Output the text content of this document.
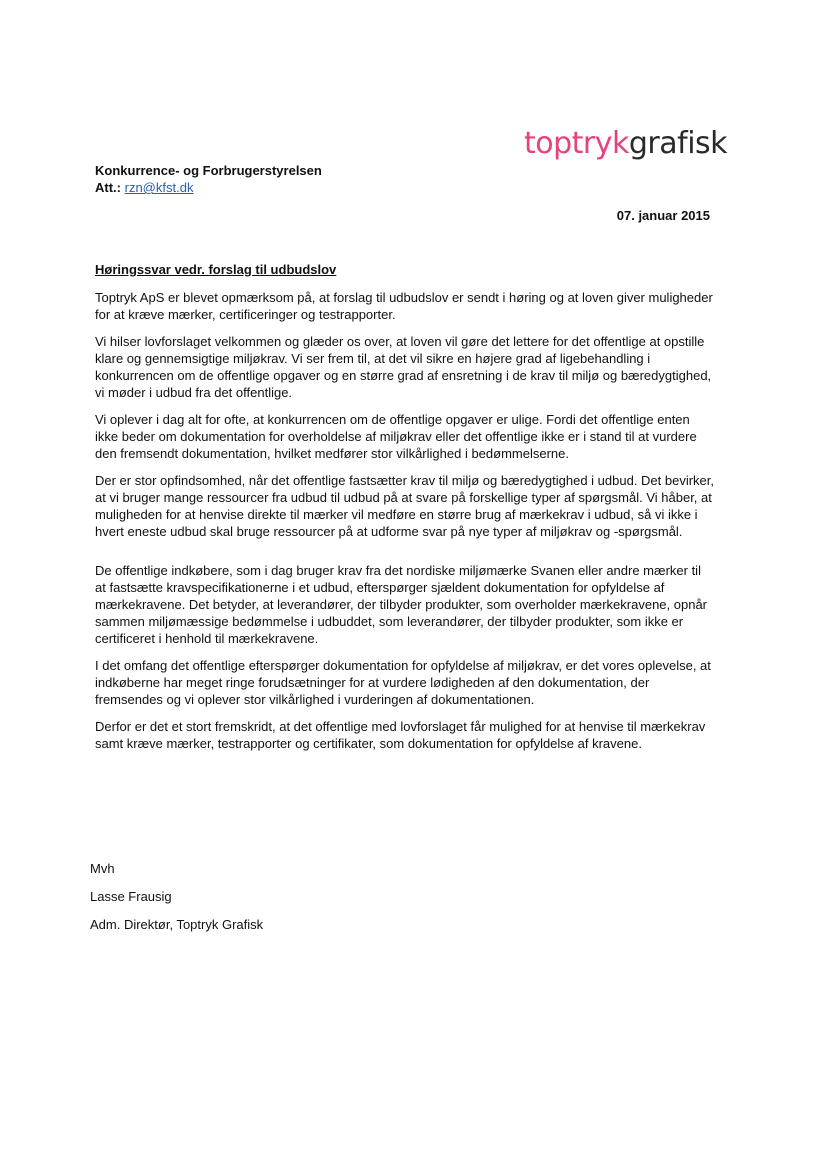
toptrykgrafisk
Konkurrence- og Forbrugerstyrelsen
Att.: rzn@kfst.dk
07. januar 2015

Høringssvar vedr. forslag til udbudslov

Toptryk ApS er blevet opmærksom på, at forslag til udbudslov er sendt i høring og at loven giver muligheder for at kræve mærker, certificeringer og testrapporter.

Vi hilser lovforslaget velkommen og glæder os over, at loven vil gøre det lettere for det offentlige at opstille klare og gennemsigtige miljøkrav. Vi ser frem til, at det vil sikre en højere grad af ligebehandling i konkurrencen om de offentlige opgaver og en større grad af ensretning i de krav til miljø og bæredygtighed, vi møder i udbud fra det offentlige.

Vi oplever i dag alt for ofte, at konkurrencen om de offentlige opgaver er ulige. Fordi det offentlige enten ikke beder om dokumentation for overholdelse af miljøkrav eller det offentlige ikke er i stand til at vurdere den fremsendt dokumentation, hvilket medfører stor vilkårlighed i bedømmelserne.

Der er stor opfindsomhed, når det offentlige fastsætter krav til miljø og bæredygtighed i udbud. Det bevirker, at vi bruger mange ressourcer fra udbud til udbud på at svare på forskellige typer af spørgsmål. Vi håber, at muligheden for at henvise direkte til mærker vil medføre en større brug af mærkekrav i udbud, så vi ikke i hvert eneste udbud skal bruge ressourcer på at udforme svar på nye typer af miljøkrav og -spørgsmål.

De offentlige indkøbere, som i dag bruger krav fra det nordiske miljømærke Svanen eller andre mærker til at fastsætte kravspecifikationerne i et udbud, efterspørger sjældent dokumentation for opfyldelse af mærkekravene. Det betyder, at leverandører, der tilbyder produkter, som overholder mærkekravene, opnår sammen miljømæssige bedømmelse i udbuddet, som leverandører, der tilbyder produkter, som ikke er certificeret i henhold til mærkekravene.

I det omfang det offentlige efterspørger dokumentation for opfyldelse af miljøkrav, er det vores oplevelse, at indkøberne har meget ringe forudsætninger for at vurdere lødigheden af den dokumentation, der fremsendes og vi oplever stor vilkårlighed i vurderingen af dokumentationen.

Derfor er det et stort fremskridt, at det offentlige med lovforslaget får mulighed for at henvise til mærkekrav samt kræve mærker, testrapporter og certifikater, som dokumentation for opfyldelse af kravene.

Mvh
Lasse Frausig
Adm. Direktør, Toptryk Grafisk
